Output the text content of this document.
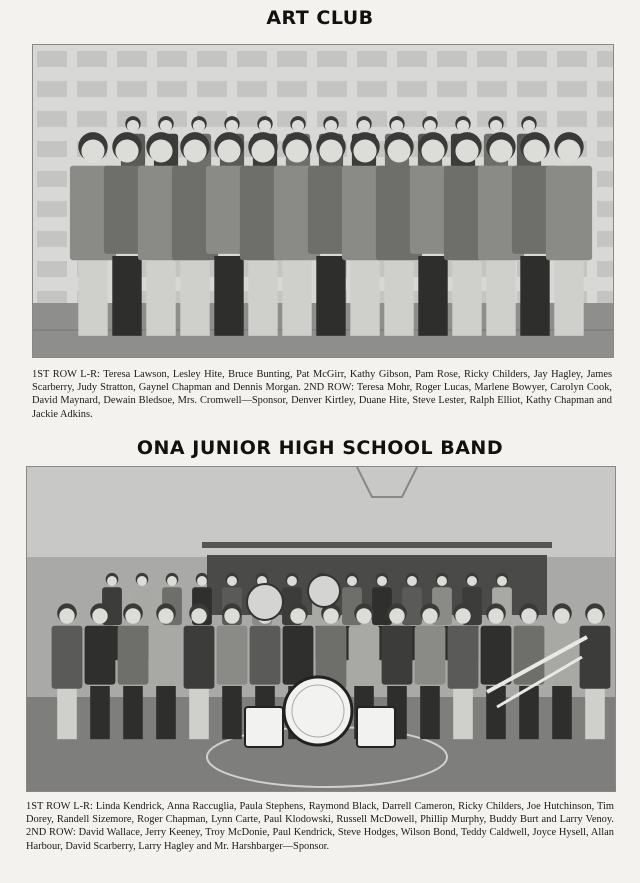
ART CLUB
1ST ROW L-R: Teresa Lawson, Lesley Hite, Bruce Bunting, Pat McGirr, Kathy Gibson, Pam Rose, Ricky Childers, Jay Hagley, James Scarberry, Judy Stratton, Gaynel Chapman and Dennis Morgan. 2ND ROW: Teresa Mohr, Roger Lucas, Marlene Bowyer, Carolyn Cook, David Maynard, Dewain Bledsoe, Mrs. Cromwell—Sponsor, Denver Kirtley, Duane Hite, Steve Lester, Ralph Elliot, Kathy Chapman and Jackie Adkins.
ONA JUNIOR HIGH SCHOOL BAND
1ST ROW L-R: Linda Kendrick, Anna Raccuglia, Paula Stephens, Raymond Black, Darrell Cameron, Ricky Childers, Joe Hutchinson, Tim Dorey, Randell Sizemore, Roger Chapman, Lynn Carte, Paul Klodowski, Russell McDowell, Phillip Murphy, Buddy Burt and Larry Venoy. 2ND ROW: David Wallace, Jerry Keeney, Troy McDonie, Paul Kendrick, Steve Hodges, Wilson Bond, Teddy Caldwell, Joyce Hysell, Allan Harbour, David Scarberry, Larry Hagley and Mr. Harshbarger—Sponsor.
